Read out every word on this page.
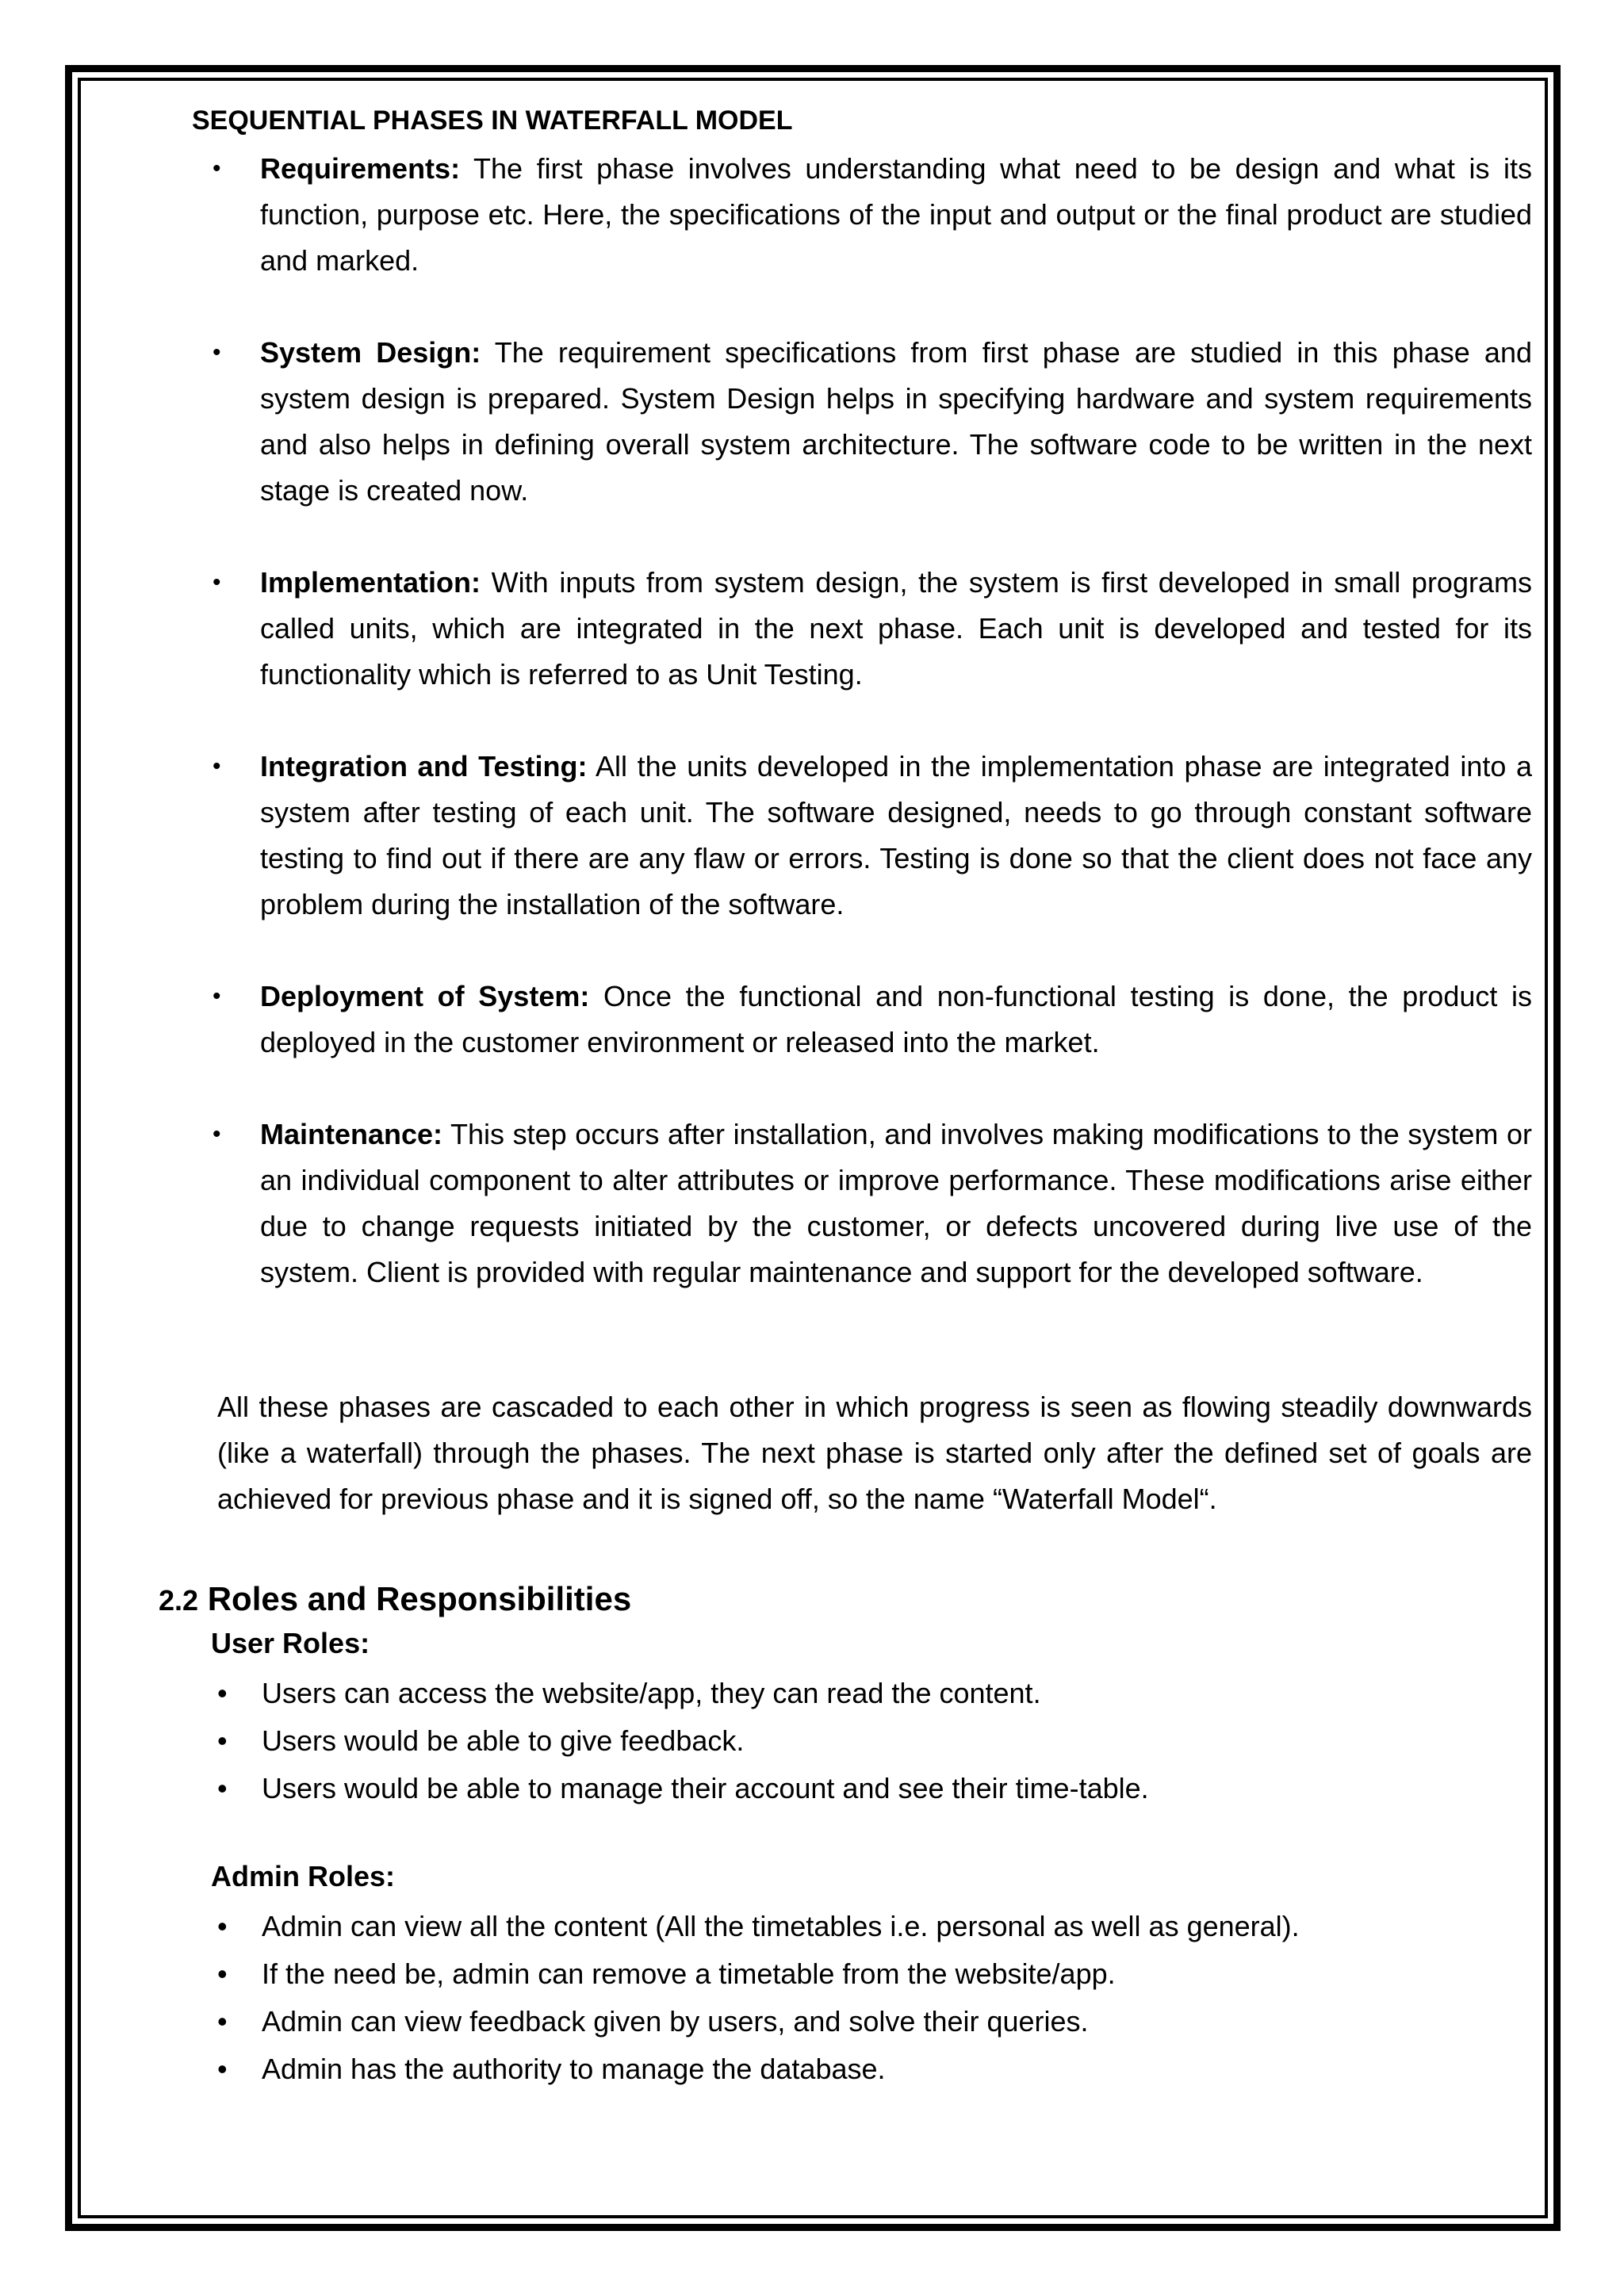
SEQUENTIAL PHASES IN WATERFALL MODEL
• Requirements: The first phase involves understanding what need to be design and what is its function, purpose etc. Here, the specifications of the input and output or the final product are studied and marked.
• System Design: The requirement specifications from first phase are studied in this phase and system design is prepared. System Design helps in specifying hardware and system requirements and also helps in defining overall system architecture. The software code to be written in the next stage is created now.
• Implementation: With inputs from system design, the system is first developed in small programs called units, which are integrated in the next phase. Each unit is developed and tested for its functionality which is referred to as Unit Testing.
• Integration and Testing: All the units developed in the implementation phase are integrated into a system after testing of each unit. The software designed, needs to go through constant software testing to find out if there are any flaw or errors. Testing is done so that the client does not face any problem during the installation of the software.
• Deployment of System: Once the functional and non-functional testing is done, the product is deployed in the customer environment or released into the market.
• Maintenance: This step occurs after installation, and involves making modifications to the system or an individual component to alter attributes or improve performance. These modifications arise either due to change requests initiated by the customer, or defects uncovered during live use of the system. Client is provided with regular maintenance and support for the developed software.
All these phases are cascaded to each other in which progress is seen as flowing steadily downwards (like a waterfall) through the phases. The next phase is started only after the defined set of goals are achieved for previous phase and it is signed off, so the name “Waterfall Model“.
2.2 Roles and Responsibilities
User Roles:
• Users can access the website/app, they can read the content.
• Users would be able to give feedback.
• Users would be able to manage their account and see their time-table.
Admin Roles:
• Admin can view all the content (All the timetables i.e. personal as well as general).
• If the need be, admin can remove a timetable from the website/app.
• Admin can view feedback given by users, and solve their queries.
• Admin has the authority to manage the database.
